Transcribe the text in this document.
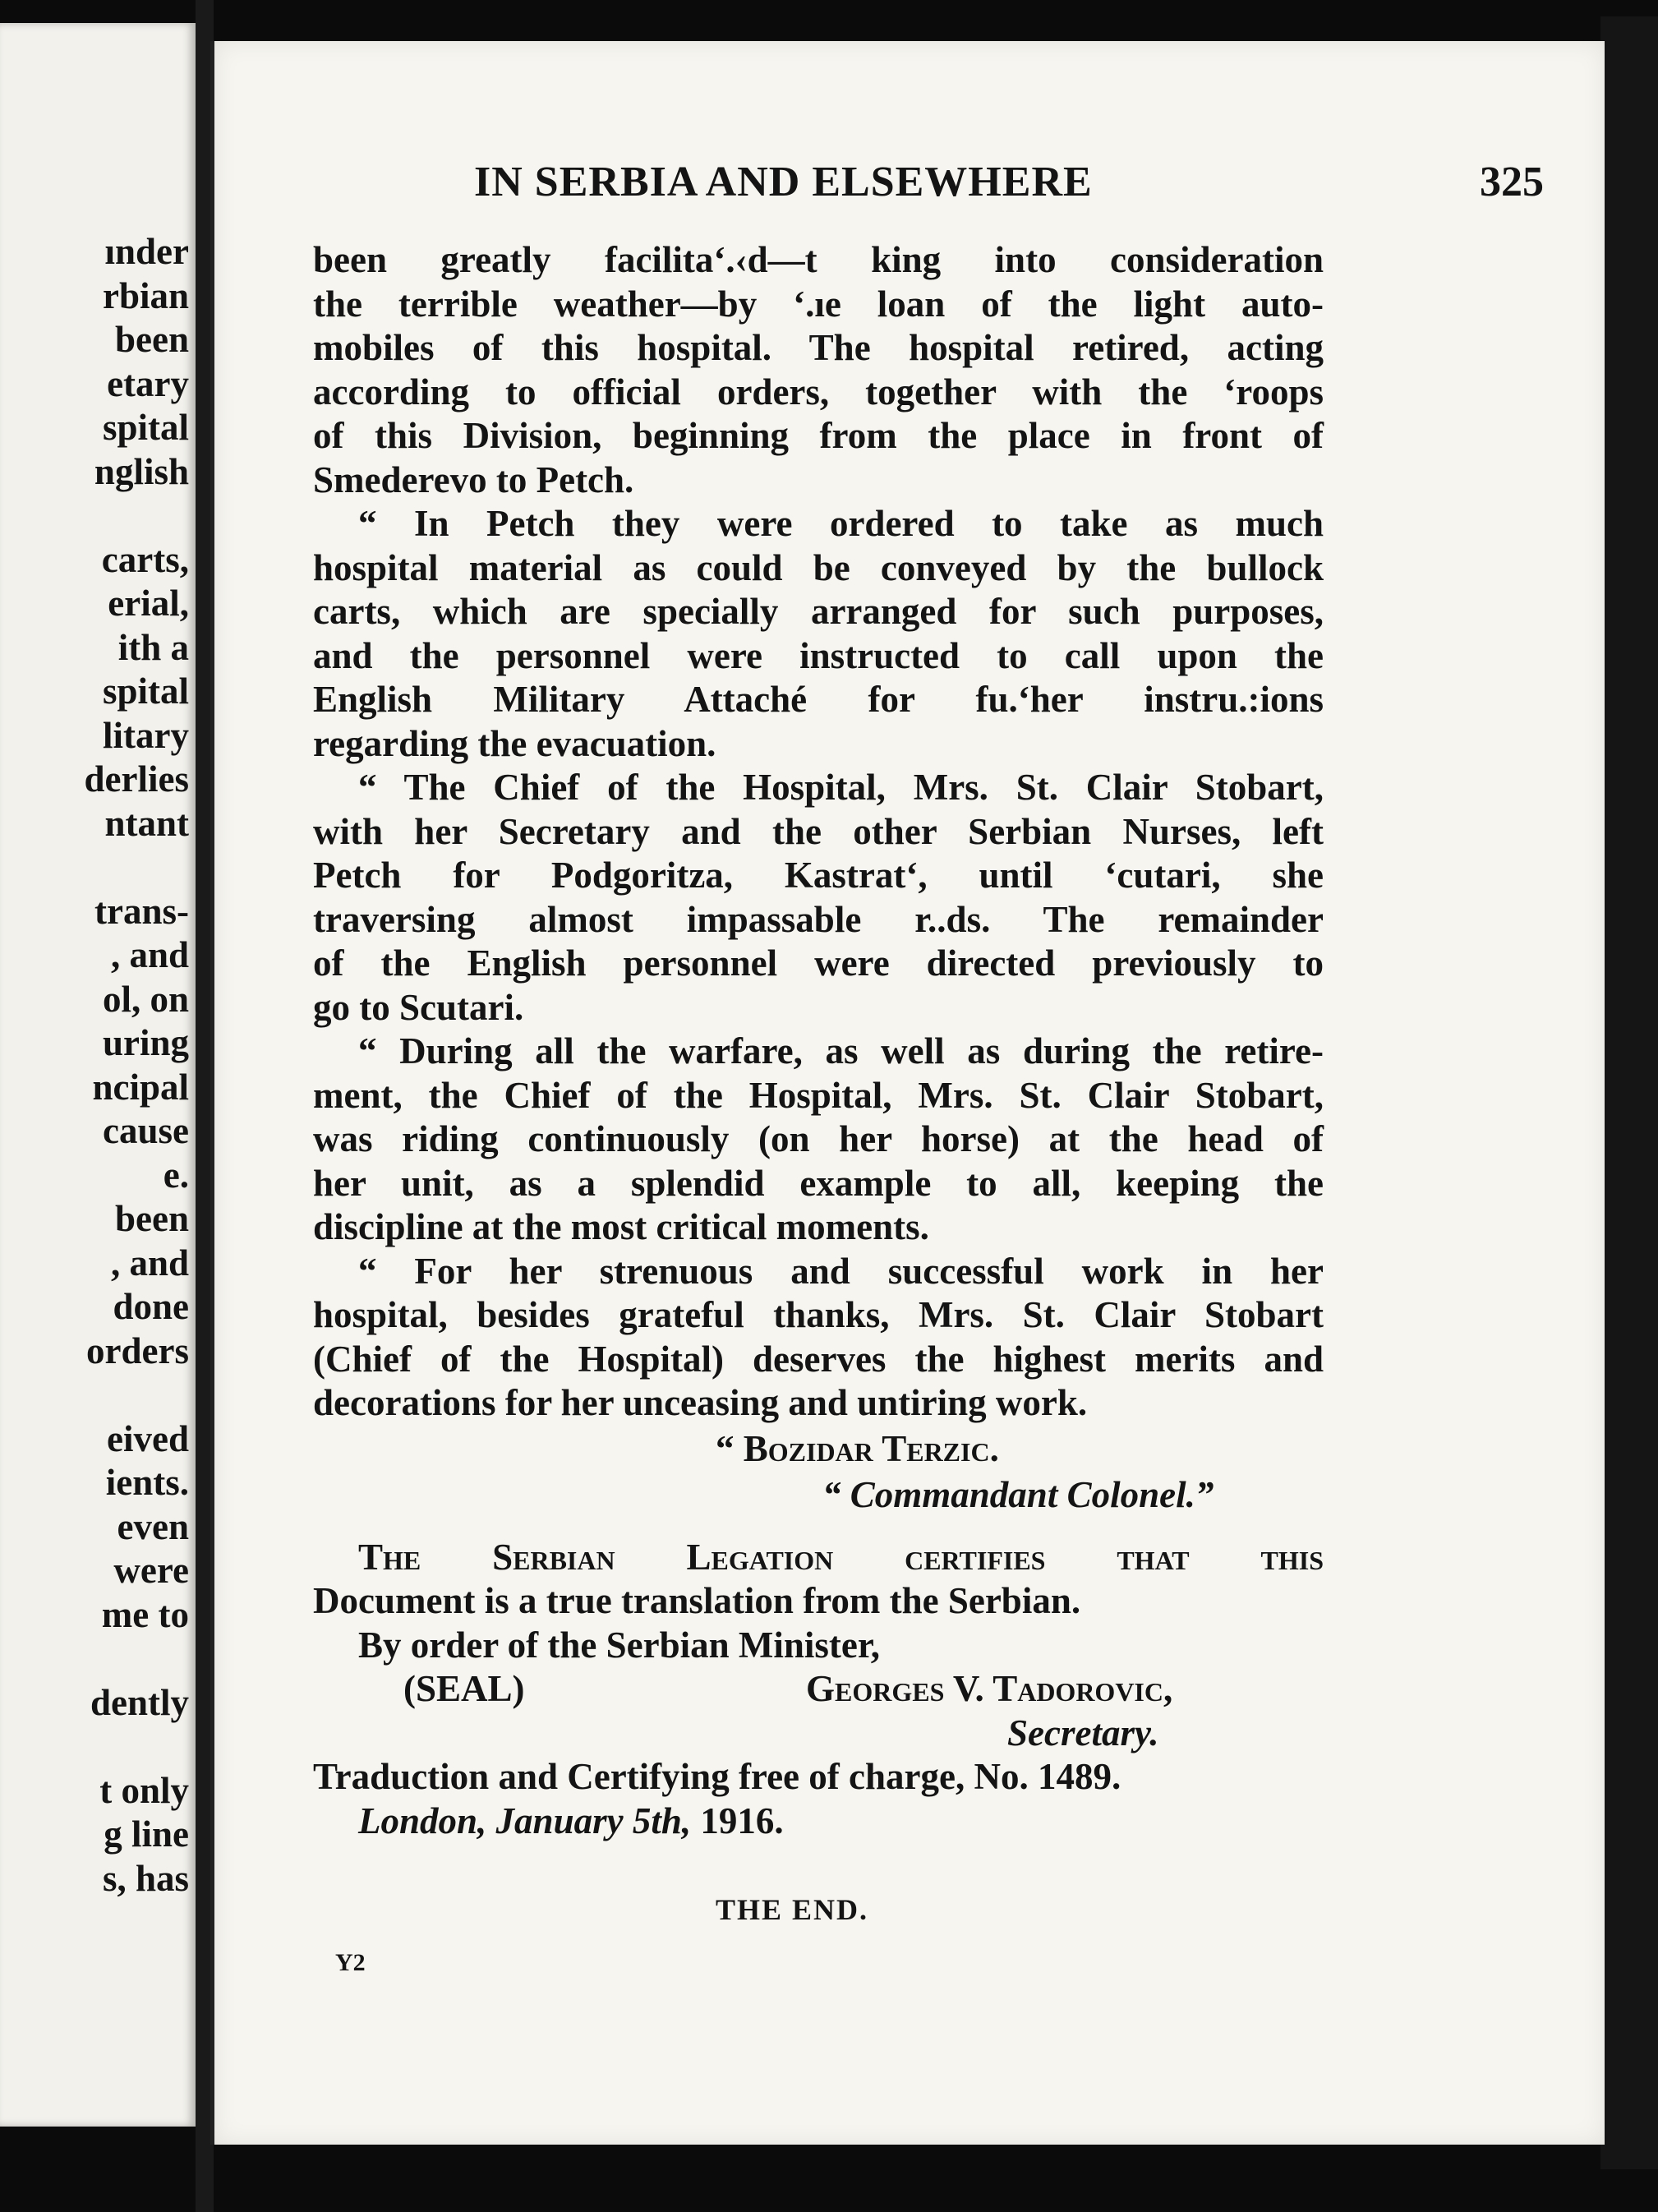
ınder
rbian
been
etary
spital
nglish
carts,
erial,
ith a
spital
litary
derlies
ntant
trans-
, and
ol, on
uring
ncipal
cause
e.
been
, and
done
orders
eived
ients.
even
were
me to
dently
t only
g line
s, has
IN SERBIA AND ELSEWHERE	325
been greatly facilita‘.‹d—t king into consideration
the terrible weather—by ‘.ıe loan of the light auto-
mobiles of this hospital. The hospital retired, acting
according to official orders, together with the ‘roops
of this Division, beginning from the place in front of
Smederevo to Petch.
“ In Petch they were ordered to take as much
hospital material as could be conveyed by the bullock
carts, which are specially arranged for such purposes,
and the personnel were instructed to call upon the
English Military Attaché for fu.‘her instru.:ions
regarding the evacuation.
“ The Chief of the Hospital, Mrs. St. Clair Stobart,
with her Secretary and the other Serbian Nurses, left
Petch for Podgoritza, Kastrat‘, until ‘cutari, she
traversing almost impassable r..ds. The remainder
of the English personnel were directed previously to
go to Scutari.
“ During all the warfare, as well as during the retire-
ment, the Chief of the Hospital, Mrs. St. Clair Stobart,
was riding continuously (on her horse) at the head of
her unit, as a splendid example to all, keeping the
discipline at the most critical moments.
“ For her strenuous and successful work in her
hospital, besides grateful thanks, Mrs. St. Clair Stobart
(Chief of the Hospital) deserves the highest merits and
decorations for her unceasing and untiring work.
“ Bozidar Terzic.
“ Commandant Colonel.”
The Serbian Legation certifies that this
Document is a true translation from the Serbian.
By order of the Serbian Minister,
(SEAL)	Georges V. Tadorovic,
Secretary.
Traduction and Certifying free of charge, No. 1489.
London, January 5th, 1916.
THE END.
Y2
